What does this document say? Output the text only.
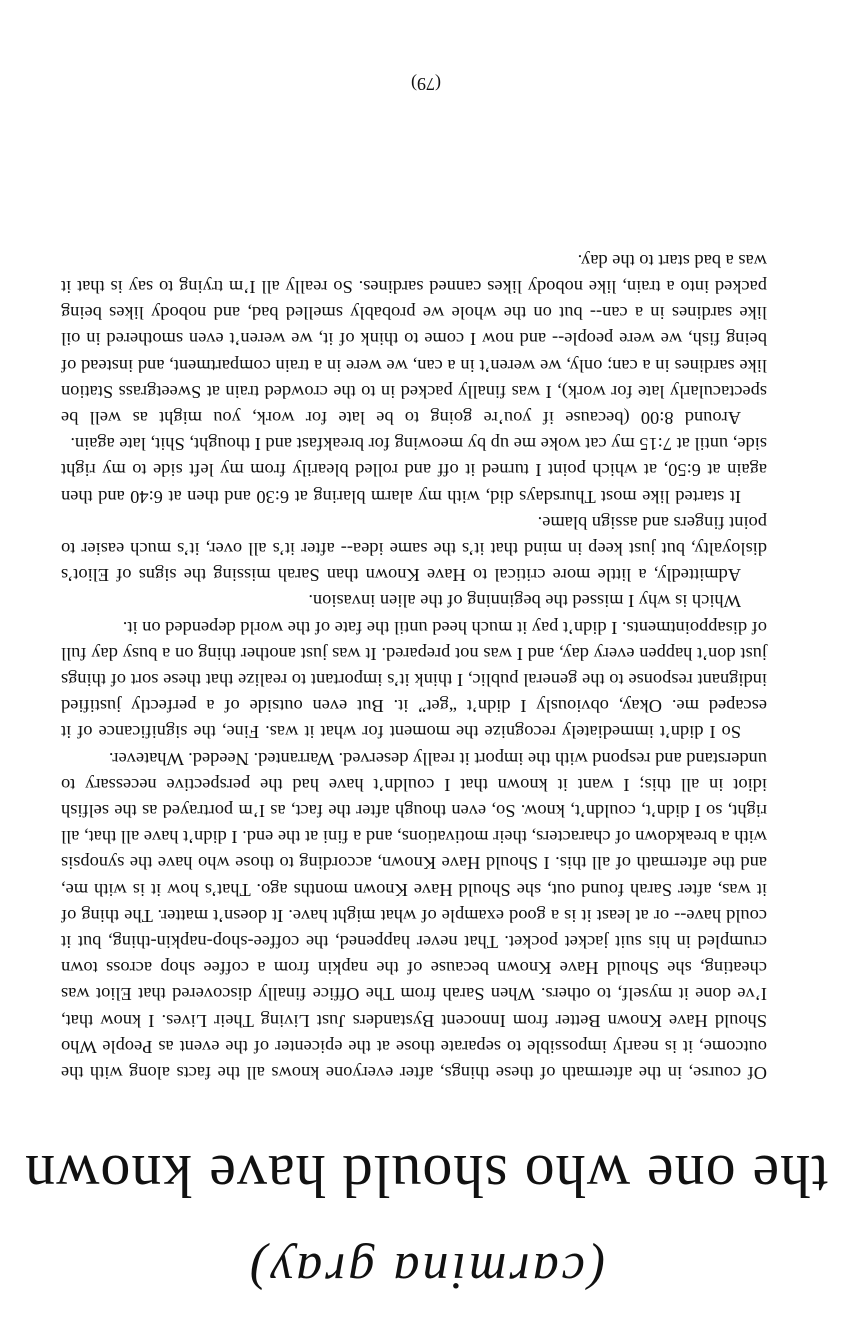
(carmina gray)
the one who should have known

Of course, in the aftermath of these things, after everyone knows all the facts along with the outcome, it is nearly impossible to separate those at the epicenter of the event as People Who Should Have Known Better from Innocent Bystanders Just Living Their Lives. I know that, I’ve done it myself, to others. When Sarah from The Office finally discovered that Eliot was cheating, she Should Have Known because of the napkin from a coffee shop across town crumpled in his suit jacket pocket. That never happened, the coffee-shop-napkin-thing, but it could have-- or at least it is a good example of what might have. It doesn’t matter. The thing of it was, after Sarah found out, she Should Have Known months ago. That’s how it is with me, and the aftermath of all this. I Should Have Known, according to those who have the synopsis with a breakdown of characters, their motivations, and a fini at the end. I didn’t have all that, all right, so I didn’t, couldn’t, know. So, even though after the fact, as I’m portrayed as the selfish idiot in all this; I want it known that I couldn’t have had the perspective necessary to understand and respond with the import it really deserved. Warranted. Needed. Whatever.

So I didn’t immediately recognize the moment for what it was. Fine, the significance of it escaped me. Okay, obviously I didn’t “get” it. But even outside of a perfectly justified indignant response to the general public, I think it’s important to realize that these sort of things just don’t happen every day, and I was not prepared. It was just another thing on a busy day full of disappointments. I didn’t pay it much heed until the fate of the world depended on it.

Which is why I missed the beginning of the alien invasion.

Admittedly, a little more critical to Have Known than Sarah missing the signs of Eliot’s disloyalty, but just keep in mind that it’s the same idea-- after it’s all over, it’s much easier to point fingers and assign blame.

It started like most Thursdays did, with my alarm blaring at 6:30 and then at 6:40 and then again at 6:50, at which point I turned it off and rolled blearily from my left side to my right side, until at 7:15 my cat woke me up by meowing for breakfast and I thought, Shit, late again.

Around 8:00 (because if you’re going to be late for work, you might as well be spectacularly late for work), I was finally packed in to the crowded train at Sweetgrass Station like sardines in a can; only, we weren’t in a can, we were in a train compartment, and instead of being fish, we were people-- and now I come to think of it, we weren’t even smothered in oil like sardines in a can-- but on the whole we probably smelled bad, and nobody likes being packed into a train, like nobody likes canned sardines. So really all I’m trying to say is that it was a bad start to the day.

(79)
